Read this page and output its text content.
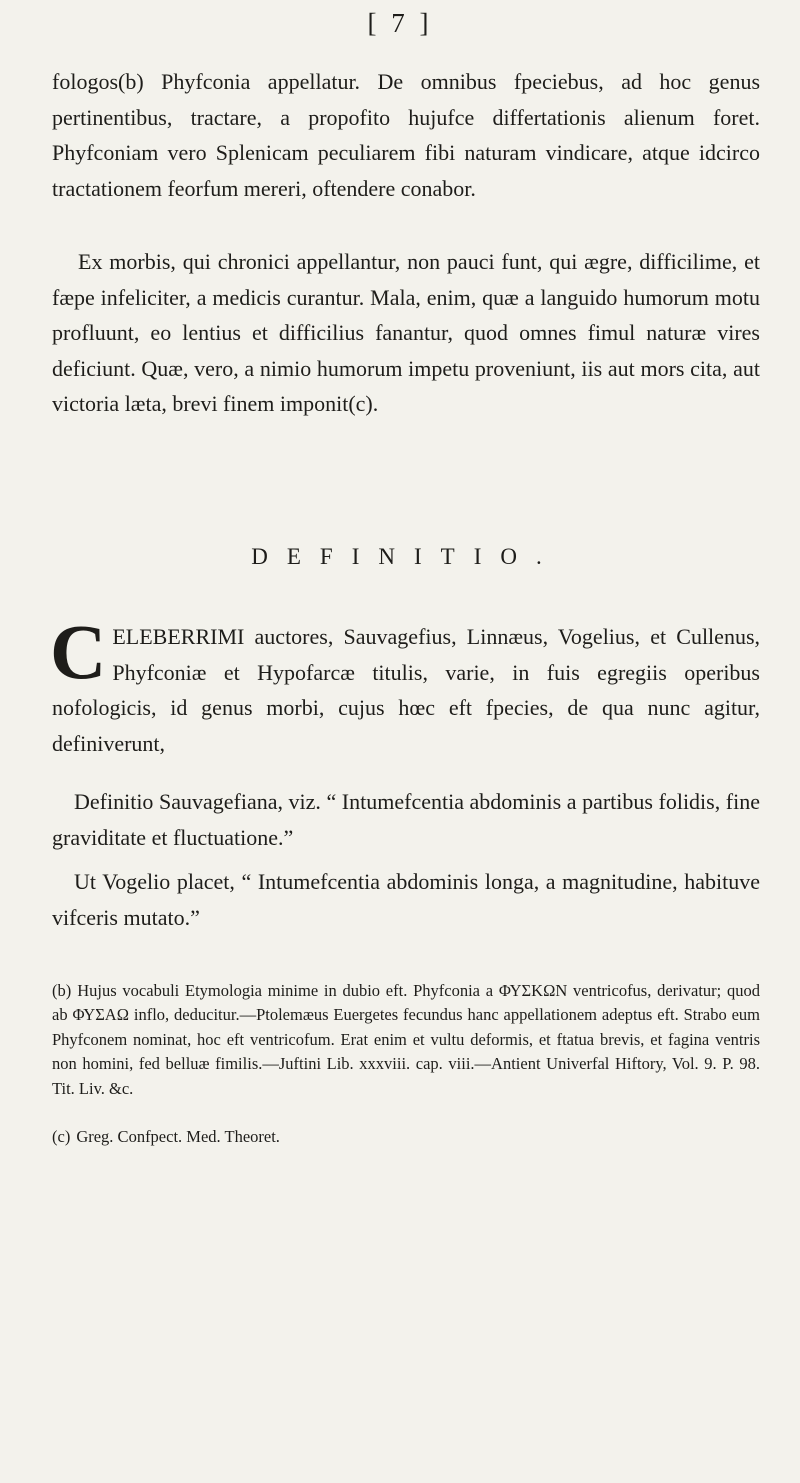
[ 7 ]

fologos(b) Phyfconia appellatur. De omnibus fpeciebus, ad hoc genus pertinentibus, tractare, a propofito hujufce differtationis alienum foret. Phyfconiam vero Splenicam peculiarem fibi naturam vindicare, atque idcirco tractationem feorfum mereri, oftendere conabor.

Ex morbis, qui chronici appellantur, non pauci funt, qui ægre, difficilime, et fæpe infeliciter, a medicis curantur. Mala, enim, quæ a languido humorum motu profluunt, eo lentius et difficilius fanantur, quod omnes fimul naturæ vires deficiunt. Quæ, vero, a nimio humorum impetu proveniunt, iis aut mors cita, aut victoria læta, brevi finem imponit(c).

DEFINITIO.

CELEBERRIMI auctores, Sauvagefius, Linnæus, Vogelius, et Cullenus, Phyfconiæ et Hypofarcæ titulis, varie, in fuis egregiis operibus nofologicis, id genus morbi, cujus hœc eft fpecies, de qua nunc agitur, definiverunt,

Definitio Sauvagefiana, viz. “ Intumefcentia abdominis a partibus folidis, fine graviditate et fluctuatione.”

Ut Vogelio placet, “ Intumefcentia abdominis longa, a magnitudine, habituve vifceris mutato.”

(b) Hujus vocabuli Etymologia minime in dubio eft. Phyfconia a ΦΥΣΚΩΝ ventricofus, derivatur; quod ab ΦΥΣΑΩ inflo, deducitur.—Ptolemæus Euergetes fecundus hanc appellationem adeptus eft. Strabo eum Phyfconem nominat, hoc eft ventricofum. Erat enim et vultu deformis, et ftatua brevis, et fagina ventris non homini, fed belluæ fimilis.—Juftini Lib. xxxviii. cap. viii.—Antient Univerfal Hiftory, Vol. 9. P. 98. Tit. Liv. &c.

(c) Greg. Confpect. Med. Theoret.
